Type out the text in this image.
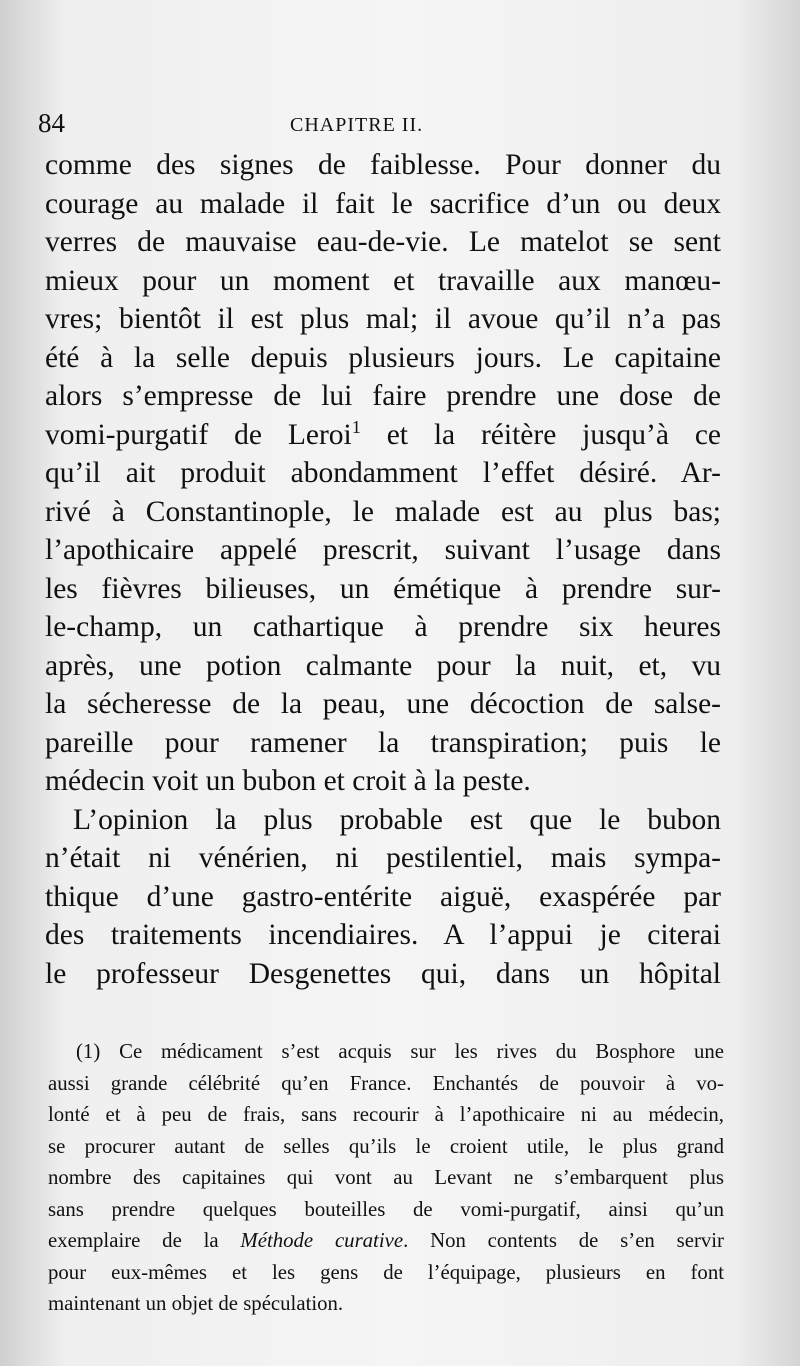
84	CHAPITRE II.
comme des signes de faiblesse. Pour donner du
courage au malade il fait le sacrifice d’un ou deux
verres de mauvaise eau-de-vie. Le matelot se sent
mieux pour un moment et travaille aux manœu-
vres; bientôt il est plus mal; il avoue qu’il n’a pas
été à la selle depuis plusieurs jours. Le capitaine
alors s’empresse de lui faire prendre une dose de
vomi-purgatif de Leroi$^1$ et la réitère jusqu’à ce
qu’il ait produit abondamment l’effet désiré. Ar-
rivé à Constantinople, le malade est au plus bas;
l’apothicaire appelé prescrit, suivant l’usage dans
les fièvres bilieuses, un émétique à prendre sur-
le-champ, un cathartique à prendre six heures
après, une potion calmante pour la nuit, et, vu
la sécheresse de la peau, une décoction de salse-
pareille pour ramener la transpiration; puis le
médecin voit un bubon et croit à la peste.
L’opinion la plus probable est que le bubon
n’était ni vénérien, ni pestilentiel, mais sympa-
thique d’une gastro-entérite aiguë, exaspérée par
des traitements incendiaires. A l’appui je citerai
le professeur Desgenettes qui, dans un hôpital
(1) Ce médicament s’est acquis sur les rives du Bosphore une
aussi grande célébrité qu’en France. Enchantés de pouvoir à vo-
lonté et à peu de frais, sans recourir à l’apothicaire ni au médecin,
se procurer autant de selles qu’ils le croient utile, le plus grand
nombre des capitaines qui vont au Levant ne s’embarquent plus
sans prendre quelques bouteilles de vomi-purgatif, ainsi qu’un
exemplaire de la Méthode curative. Non contents de s’en servir
pour eux-mêmes et les gens de l’équipage, plusieurs en font
maintenant un objet de spéculation.
